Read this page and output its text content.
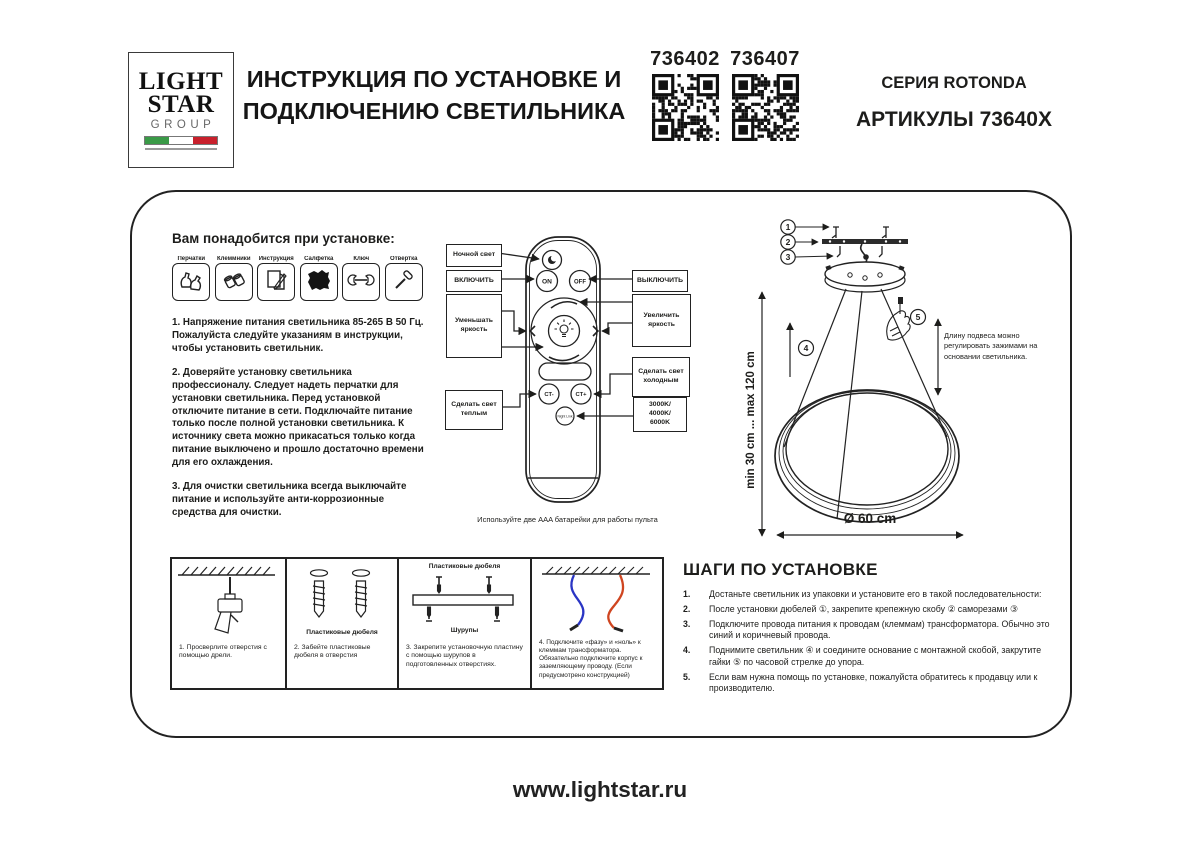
LIGHT
STAR
GROUP
ИНСТРУКЦИЯ ПО УСТАНОВКЕ И
ПОДКЛЮЧЕНИЮ СВЕТИЛЬНИКА
736402 736407
СЕРИЯ ROTONDA
АРТИКУЛЫ 73640X
Вам понадобится при установке:
Перчатки	Клеммники	Инструкция	Салфетка	Ключ	Отвертка

1. Напряжение питания светильника 85-265 В 50 Гц. Пожалуйста следуйте указаниям в инструкции, чтобы установить светильник.

2. Доверяйте установку светильника профессионалу. Следует надеть перчатки для установки светильника. Перед установкой отключите питание в сети. Подключайте питание только после полной установки светильника. К источнику света можно прикасаться только когда питание выключено и прошло достаточно времени для его охлаждения.

3. Для очистки светильника всегда выключайте питание и используйте анти-коррозионные средства для очистки.

ON	OFF
CT-	CT+
Night Link
Ночной свет
ВКЛЮЧИТЬ
Уменьшать яркость
Сделать свет теплым
ВЫКЛЮЧИТЬ
Увеличить яркость
Сделать свет холодным
3000K/
4000K/
6000K
Используйте две AAA батарейки для работы пульта
1
2
3
4
5
min 30 cm ... max 120 cm
Длину подвеса можно регулировать зажимами на основании светильника.
Ø 60 cm
1. Просверлите отверстия с помощью дрели.
Пластиковые дюбеля
2. Забейте пластиковые дюбеля в отверстия
Пластиковые дюбеля
Шурупы
3. Закрепите установочную пластину с помощью шурупов в подготовленных отверстиях.
4. Подключите «фазу» и «ноль» к клеммам трансформатора. Обязательно подключите корпус к заземляющему проводу. (Если предусмотрено конструкцией)
ШАГИ ПО УСТАНОВКЕ
1.	Достаньте светильник из упаковки и установите его в такой последовательности:
2.	После установки дюбелей ①, закрепите крепежную скобу ② саморезами ③
3.	Подключите провода питания к проводам (клеммам) трансформатора. Обычно это синий и коричневый провода.
4.	Поднимите светильник ④ и соедините основание с монтажной скобой, закрутите гайки ⑤ по часовой стрелке до упора.
5.	Если вам нужна помощь по установке, пожалуйста обратитесь к продавцу или к производителю.
www.lightstar.ru
